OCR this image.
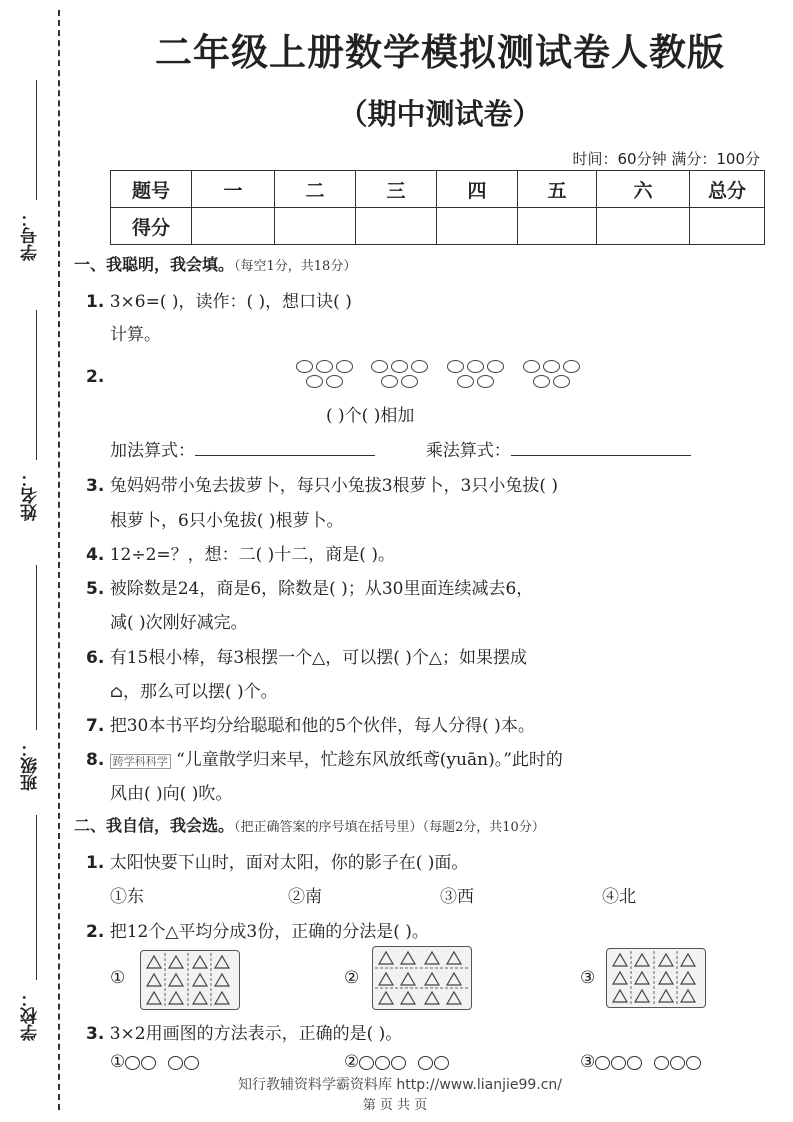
学号：
姓名：
班级：
学校：
二年级上册数学模拟测试卷人教版
（期中测试卷）
时间：60分钟 满分：100分
题号	一	二	三	四	五	六	总分
得分							
一、我聪明，我会填。（每空1分，共18分）
1. 3×6=( )，读作：( )，想口诀( )
计算。
2.
( )个( )相加
加法算式：	乘法算式：
3. 兔妈妈带小兔去拔萝卜，每只小兔拔3根萝卜，3只小兔拔( )
根萝卜，6只小兔拔( )根萝卜。
4. 12÷2=？，想：二( )十二，商是( )。
5. 被除数是24，商是6，除数是( )；从30里面连续减去6，
减( )次刚好减完。
6. 有15根小棒，每3根摆一个△，可以摆( )个△；如果摆成
⌂，那么可以摆( )个。
7. 把30本书平均分给聪聪和他的5个伙伴，每人分得( )本。
8. 跨学科科学 “儿童散学归来早，忙趁东风放纸鸢(yuān)。”此时的
风由( )向( )吹。
二、我自信，我会选。（把正确答案的序号填在括号里）（每题2分，共10分）
1. 太阳快要下山时，面对太阳，你的影子在( )面。
①东	②南	③西	④北
2. 把12个△平均分成3份，正确的分法是( )。
①	②	③
3. 3×2用画图的方法表示，正确的是( )。
①	②	③
知行教辅资料学霸资料库 http://www.lianjie99.cn/
第 页 共 页
